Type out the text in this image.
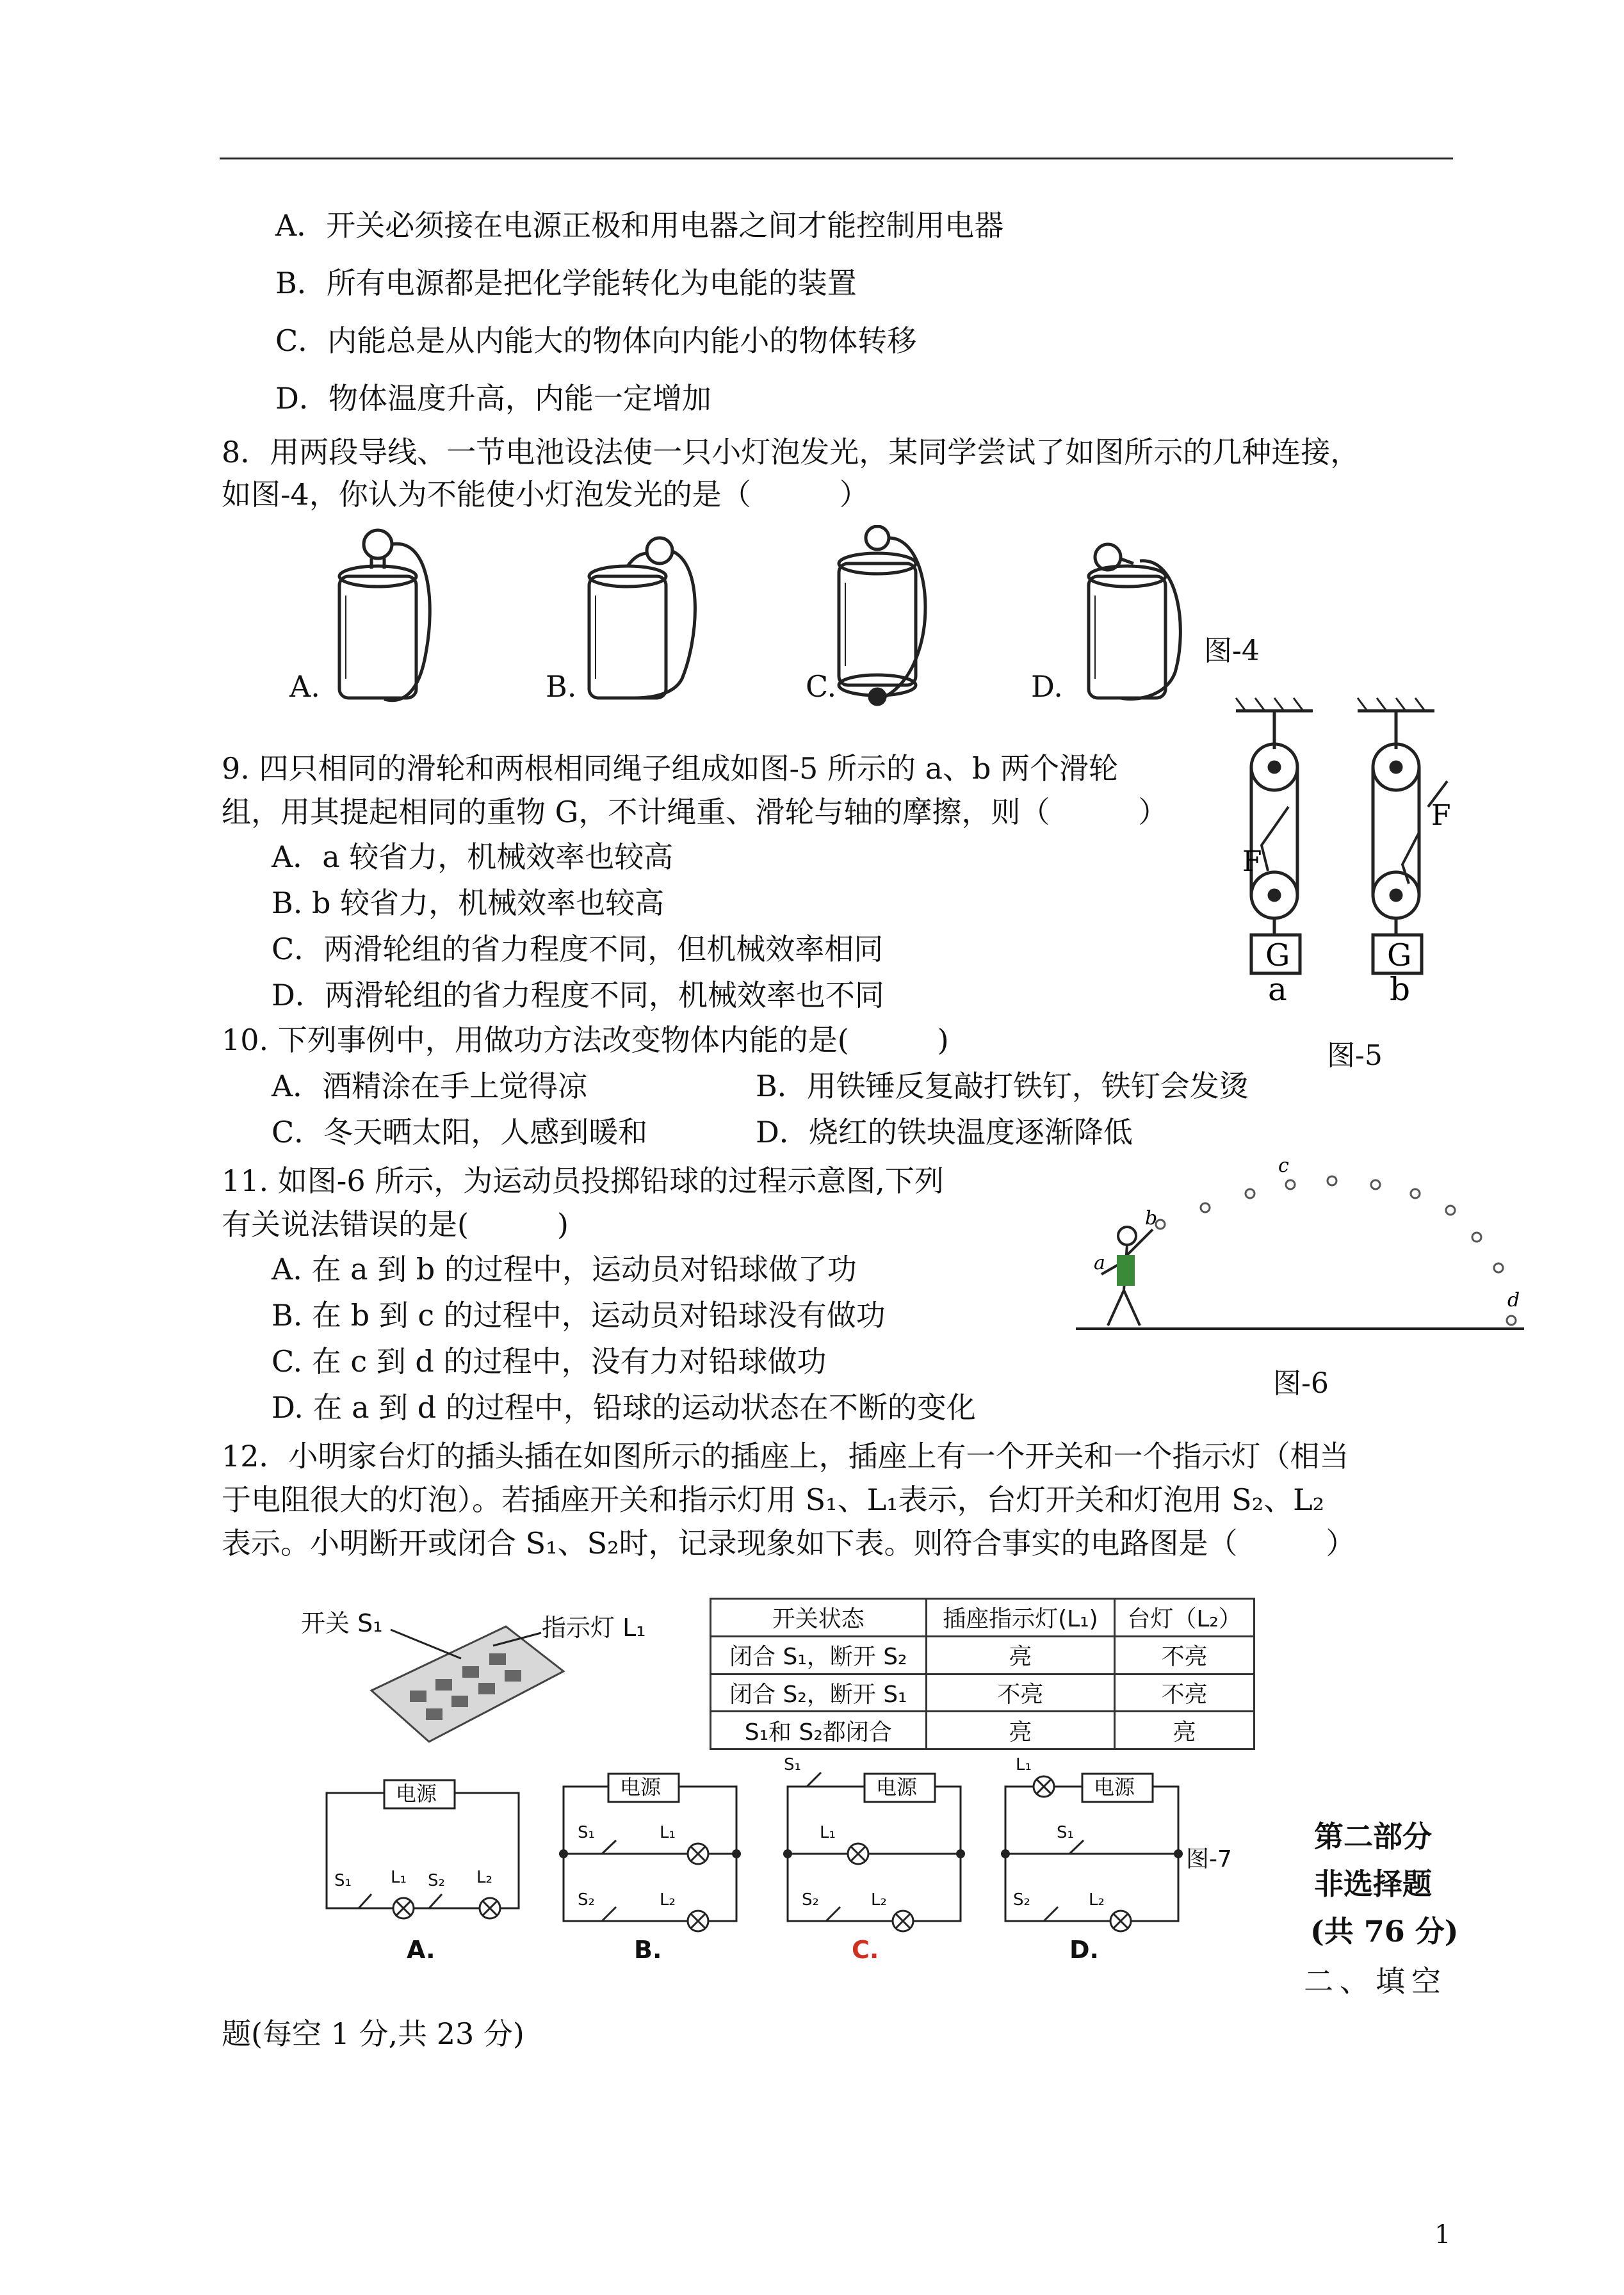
A．开关必须接在电源正极和用电器之间才能控制用电器
B．所有电源都是把化学能转化为电能的装置
C．内能总是从内能大的物体向内能小的物体转移
D．物体温度升高，内能一定增加
8．用两段导线、一节电池设法使一只小灯泡发光，某同学尝试了如图所示的几种连接，
如图-4，你认为不能使小灯泡发光的是（　　　）
A.	B.	C.	D.
图-4
9. 四只相同的滑轮和两根相同绳子组成如图-5 所示的 a、b 两个滑轮
组，用其提起相同的重物 G，不计绳重、滑轮与轴的摩擦，则（　　　）
A．a 较省力，机械效率也较高
B. b 较省力，机械效率也较高
C．两滑轮组的省力程度不同，但机械效率相同
D．两滑轮组的省力程度不同，机械效率也不同
F
F
G	G
a	b
图-5
10. 下列事例中，用做功方法改变物体内能的是(　　　)
A．酒精涂在手上觉得凉	B．用铁锤反复敲打铁钉，铁钉会发烫
C．冬天晒太阳，人感到暖和	D．烧红的铁块温度逐渐降低
11. 如图-6 所示，为运动员投掷铅球的过程示意图,下列
有关说法错误的是(　　　)
A. 在 a 到 b 的过程中，运动员对铅球做了功
B. 在 b 到 c 的过程中，运动员对铅球没有做功
C. 在 c 到 d 的过程中，没有力对铅球做功
D. 在 a 到 d 的过程中，铅球的运动状态在不断的变化
a
b
c
d
图-6
12．小明家台灯的插头插在如图所示的插座上，插座上有一个开关和一个指示灯（相当
于电阻很大的灯泡）。若插座开关和指示灯用 S₁、L₁表示，台灯开关和灯泡用 S₂、L₂
表示。小明断开或闭合 S₁、S₂时，记录现象如下表。则符合事实的电路图是（　　　）
开关 S₁	指示灯 L₁	开关状态	插座指示灯(L₁)	台灯（L₂）
闭合 S₁，断开 S₂	亮	不亮
闭合 S₂，断开 S₁	不亮	不亮
S₁和 S₂都闭合	亮	亮
电源
S₁ L₁ S₂ L₂
电源
S₁	L₁
S₂	L₂
电源
S₁
L₁
S₂	L₂
电源
L₁
S₁
S₂	L₂
A.	B.	C.	D.
图-7
第二部分
非选择题
(共 76 分)
二、填空
题(每空 1 分,共 23 分)
1
